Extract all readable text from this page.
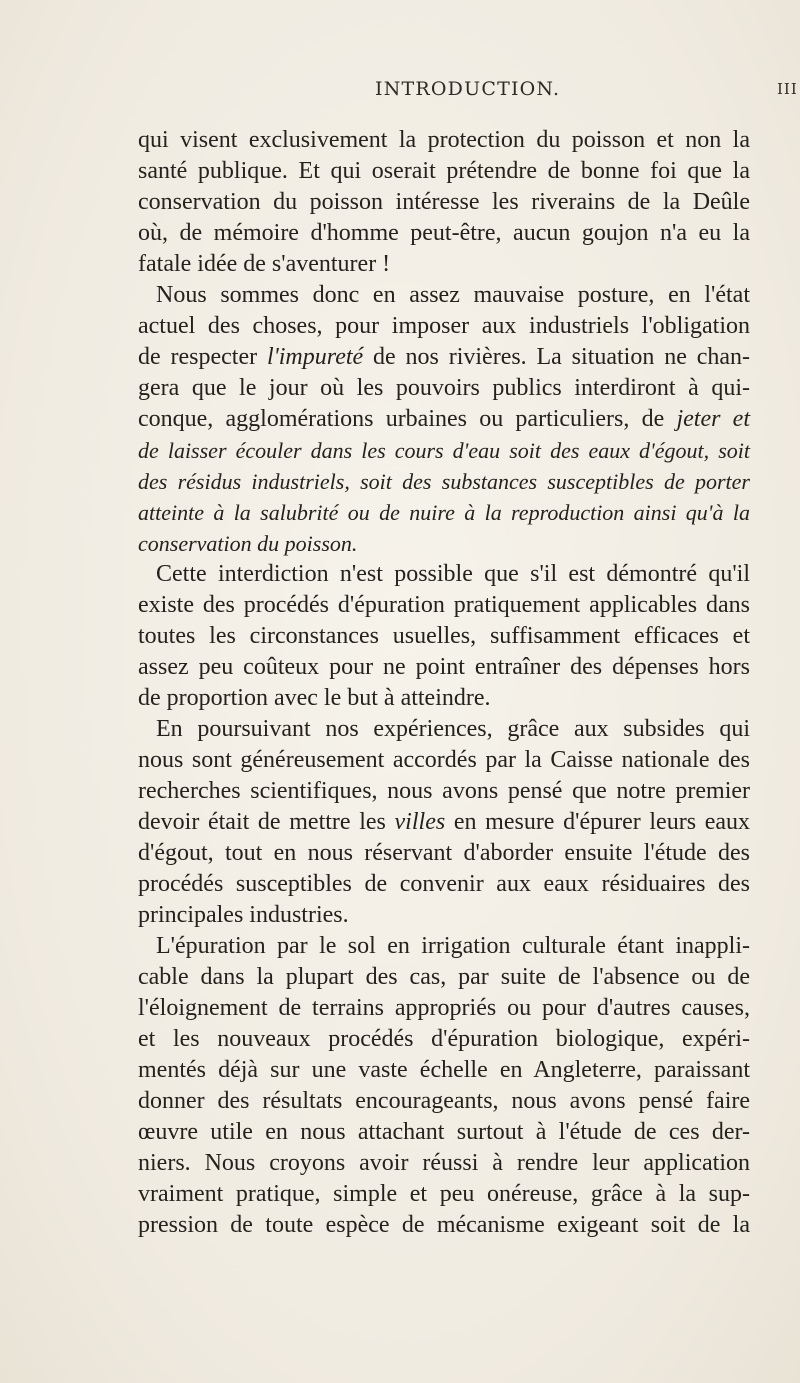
INTRODUCTION.	III
qui visent exclusivement la protection du poisson et non la
santé publique. Et qui oserait prétendre de bonne foi que la
conservation du poisson intéresse les riverains de la Deûle
où, de mémoire d'homme peut-être, aucun goujon n'a eu la
fatale idée de s'aventurer !
Nous sommes donc en assez mauvaise posture, en l'état
actuel des choses, pour imposer aux industriels l'obligation
de respecter l'impureté de nos rivières. La situation ne chan-
gera que le jour où les pouvoirs publics interdiront à qui-
conque, agglomérations urbaines ou particuliers, de jeter et
de laisser écouler dans les cours d'eau soit des eaux d'égout, soit
des résidus industriels, soit des substances susceptibles de porter
atteinte à la salubrité ou de nuire à la reproduction ainsi qu'à la
conservation du poisson.
Cette interdiction n'est possible que s'il est démontré qu'il
existe des procédés d'épuration pratiquement applicables dans
toutes les circonstances usuelles, suffisamment efficaces et
assez peu coûteux pour ne point entraîner des dépenses hors
de proportion avec le but à atteindre.
En poursuivant nos expériences, grâce aux subsides qui
nous sont généreusement accordés par la Caisse nationale des
recherches scientifiques, nous avons pensé que notre premier
devoir était de mettre les villes en mesure d'épurer leurs eaux
d'égout, tout en nous réservant d'aborder ensuite l'étude des
procédés susceptibles de convenir aux eaux résiduaires des
principales industries.
L'épuration par le sol en irrigation culturale étant inappli-
cable dans la plupart des cas, par suite de l'absence ou de
l'éloignement de terrains appropriés ou pour d'autres causes,
et les nouveaux procédés d'épuration biologique, expéri-
mentés déjà sur une vaste échelle en Angleterre, paraissant
donner des résultats encourageants, nous avons pensé faire
œuvre utile en nous attachant surtout à l'étude de ces der-
niers. Nous croyons avoir réussi à rendre leur application
vraiment pratique, simple et peu onéreuse, grâce à la sup-
pression de toute espèce de mécanisme exigeant soit de la
